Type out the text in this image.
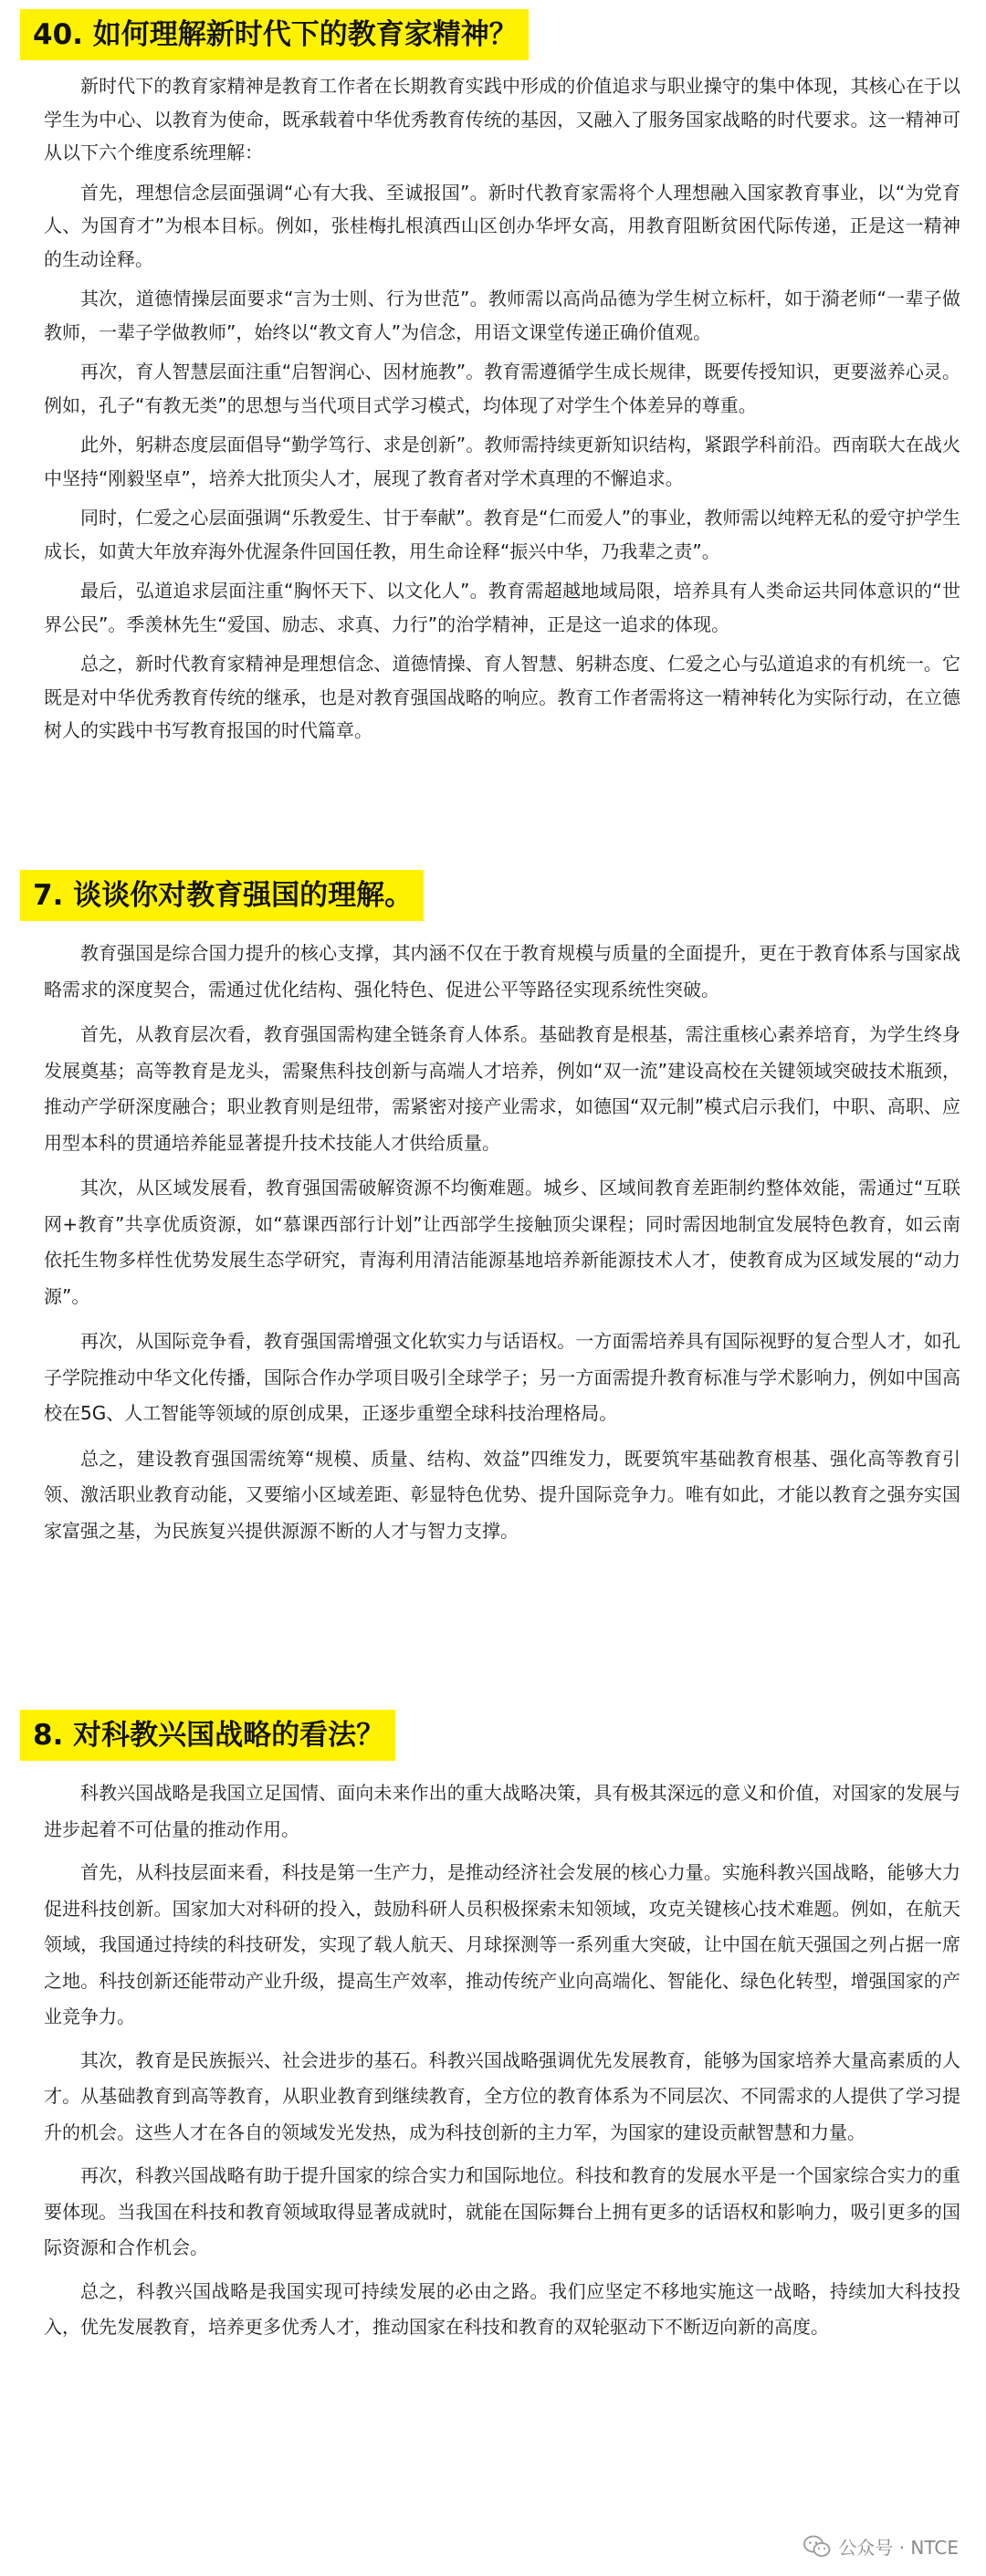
40. 如何理解新时代下的教育家精神？

新时代下的教育家精神是教育工作者在长期教育实践中形成的价值追求与职业操守的集中体现，其核心在于以学生为中心、以教育为使命，既承载着中华优秀教育传统的基因，又融入了服务国家战略的时代要求。这一精神可从以下六个维度系统理解：

首先，理想信念层面强调“心有大我、至诚报国”。新时代教育家需将个人理想融入国家教育事业，以“为党育人、为国育才”为根本目标。例如，张桂梅扎根滇西山区创办华坪女高，用教育阻断贫困代际传递，正是这一精神的生动诠释。

其次，道德情操层面要求“言为士则、行为世范”。教师需以高尚品德为学生树立标杆，如于漪老师“一辈子做教师，一辈子学做教师”，始终以“教文育人”为信念，用语文课堂传递正确价值观。

再次，育人智慧层面注重“启智润心、因材施教”。教育需遵循学生成长规律，既要传授知识，更要滋养心灵。例如，孔子“有教无类”的思想与当代项目式学习模式，均体现了对学生个体差异的尊重。

此外，躬耕态度层面倡导“勤学笃行、求是创新”。教师需持续更新知识结构，紧跟学科前沿。西南联大在战火中坚持“刚毅坚卓”，培养大批顶尖人才，展现了教育者对学术真理的不懈追求。

同时，仁爱之心层面强调“乐教爱生、甘于奉献”。教育是“仁而爱人”的事业，教师需以纯粹无私的爱守护学生成长，如黄大年放弃海外优渥条件回国任教，用生命诠释“振兴中华，乃我辈之责”。

最后，弘道追求层面注重“胸怀天下、以文化人”。教育需超越地域局限，培养具有人类命运共同体意识的“世界公民”。季羡林先生“爱国、励志、求真、力行”的治学精神，正是这一追求的体现。

总之，新时代教育家精神是理想信念、道德情操、育人智慧、躬耕态度、仁爱之心与弘道追求的有机统一。它既是对中华优秀教育传统的继承，也是对教育强国战略的响应。教育工作者需将这一精神转化为实际行动，在立德树人的实践中书写教育报国的时代篇章。

7. 谈谈你对教育强国的理解。

教育强国是综合国力提升的核心支撑，其内涵不仅在于教育规模与质量的全面提升，更在于教育体系与国家战略需求的深度契合，需通过优化结构、强化特色、促进公平等路径实现系统性突破。

首先，从教育层次看，教育强国需构建全链条育人体系。基础教育是根基，需注重核心素养培育，为学生终身发展奠基；高等教育是龙头，需聚焦科技创新与高端人才培养，例如“双一流”建设高校在关键领域突破技术瓶颈，推动产学研深度融合；职业教育则是纽带，需紧密对接产业需求，如德国“双元制”模式启示我们，中职、高职、应用型本科的贯通培养能显著提升技术技能人才供给质量。

其次，从区域发展看，教育强国需破解资源不均衡难题。城乡、区域间教育差距制约整体效能，需通过“互联网+教育”共享优质资源，如“慕课西部行计划”让西部学生接触顶尖课程；同时需因地制宜发展特色教育，如云南依托生物多样性优势发展生态学研究，青海利用清洁能源基地培养新能源技术人才，使教育成为区域发展的“动力源”。

再次，从国际竞争看，教育强国需增强文化软实力与话语权。一方面需培养具有国际视野的复合型人才，如孔子学院推动中华文化传播，国际合作办学项目吸引全球学子；另一方面需提升教育标准与学术影响力，例如中国高校在5G、人工智能等领域的原创成果，正逐步重塑全球科技治理格局。

总之，建设教育强国需统筹“规模、质量、结构、效益”四维发力，既要筑牢基础教育根基、强化高等教育引领、激活职业教育动能，又要缩小区域差距、彰显特色优势、提升国际竞争力。唯有如此，才能以教育之强夯实国家富强之基，为民族复兴提供源源不断的人才与智力支撑。

8. 对科教兴国战略的看法？

科教兴国战略是我国立足国情、面向未来作出的重大战略决策，具有极其深远的意义和价值，对国家的发展与进步起着不可估量的推动作用。

首先，从科技层面来看，科技是第一生产力，是推动经济社会发展的核心力量。实施科教兴国战略，能够大力促进科技创新。国家加大对科研的投入，鼓励科研人员积极探索未知领域，攻克关键核心技术难题。例如，在航天领域，我国通过持续的科技研发，实现了载人航天、月球探测等一系列重大突破，让中国在航天强国之列占据一席之地。科技创新还能带动产业升级，提高生产效率，推动传统产业向高端化、智能化、绿色化转型，增强国家的产业竞争力。

其次，教育是民族振兴、社会进步的基石。科教兴国战略强调优先发展教育，能够为国家培养大量高素质的人才。从基础教育到高等教育，从职业教育到继续教育，全方位的教育体系为不同层次、不同需求的人提供了学习提升的机会。这些人才在各自的领域发光发热，成为科技创新的主力军，为国家的建设贡献智慧和力量。

再次，科教兴国战略有助于提升国家的综合实力和国际地位。科技和教育的发展水平是一个国家综合实力的重要体现。当我国在科技和教育领域取得显著成就时，就能在国际舞台上拥有更多的话语权和影响力，吸引更多的国际资源和合作机会。

总之，科教兴国战略是我国实现可持续发展的必由之路。我们应坚定不移地实施这一战略，持续加大科技投入，优先发展教育，培养更多优秀人才，推动国家在科技和教育的双轮驱动下不断迈向新的高度。

公众号 · NTCE
